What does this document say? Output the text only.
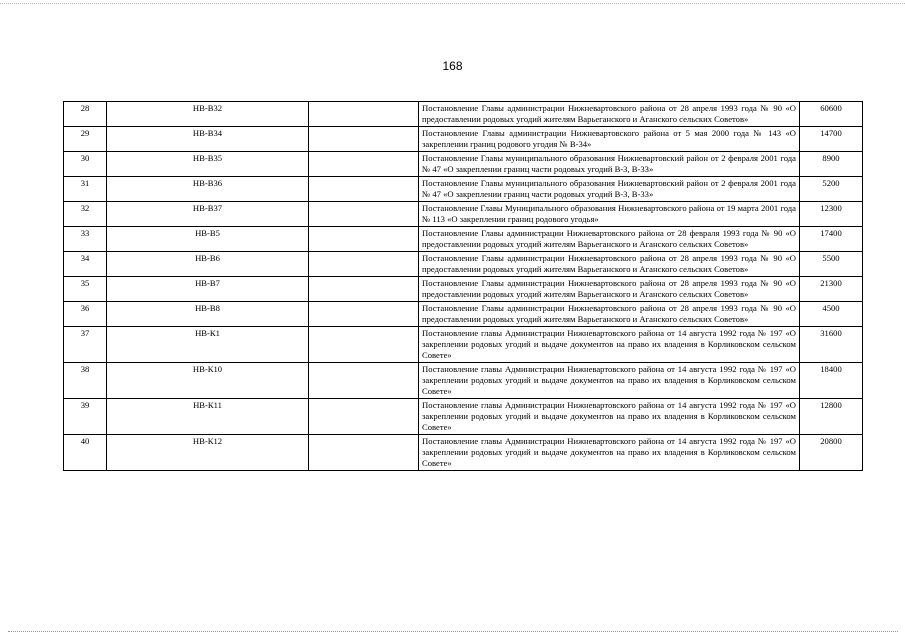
168
28	НВ-В32		Постановление Главы администрации Нижневартовского района от 28 апреля 1993 года № 90 «О предоставлении родовых угодий жителям Варьеганского и Аганского сельских Советов»	60600
29	НВ-В34		Постановление Главы администрации Нижневартовского района от 5 мая 2000 года № 143 «О закреплении границ родового угодия № В-34»	14700
30	НВ-В35		Постановление Главы муниципального образования Нижневартовский район от 2 февраля 2001 года № 47 «О закреплении границ части родовых угодий В-3, В-33»	8900
31	НВ-В36		Постановление Главы муниципального образования Нижневартовский район от 2 февраля 2001 года № 47 «О закреплении границ части родовых угодий В-3, В-33»	5200
32	НВ-В37		Постановление Главы Муниципального образования Нижневартовского района от 19 марта 2001 года № 113 «О закреплении границ родового угодья»	12300
33	НВ-В5		Постановление Главы администрации Нижневартовского района от 28 февраля 1993 года № 90 «О предоставлении родовых угодий жителям Варьеганского и Аганского сельских Советов»	17400
34	НВ-В6		Постановление Главы администрации Нижневартовского района от 28 апреля 1993 года № 90 «О предоставлении родовых угодий жителям Варьеганского и Аганского сельских Советов»	5500
35	НВ-В7		Постановление Главы администрации Нижневартовского района от 28 апреля 1993 года № 90 «О предоставлении родовых угодий жителям Варьеганского и Аганского сельских Советов»	21300
36	НВ-В8		Постановление Главы администрации Нижневартовского района от 28 апреля 1993 года № 90 «О предоставлении родовых угодий жителям Варьеганского и Аганского сельских Советов»	4500
37	НВ-К1		Постановление главы Администрации Нижневартовского района от 14 августа 1992 года № 197 «О закреплении родовых угодий и выдаче документов на право их владения в Корликовском сельском Совете»	31600
38	НВ-К10		Постановление главы Администрации Нижневартовского района от 14 августа 1992 года № 197 «О закреплении родовых угодий и выдаче документов на право их владения в Корликовском сельском Совете»	18400
39	НВ-К11		Постановление главы Администрации Нижневартовского района от 14 августа 1992 года № 197 «О закреплении родовых угодий и выдаче документов на право их владения в Корликовском сельском Совете»	12800
40	НВ-К12		Постановление главы Администрации Нижневартовского района от 14 августа 1992 года № 197 «О закреплении родовых угодий и выдаче документов на право их владения в Корликовском сельском Совете»	20800
